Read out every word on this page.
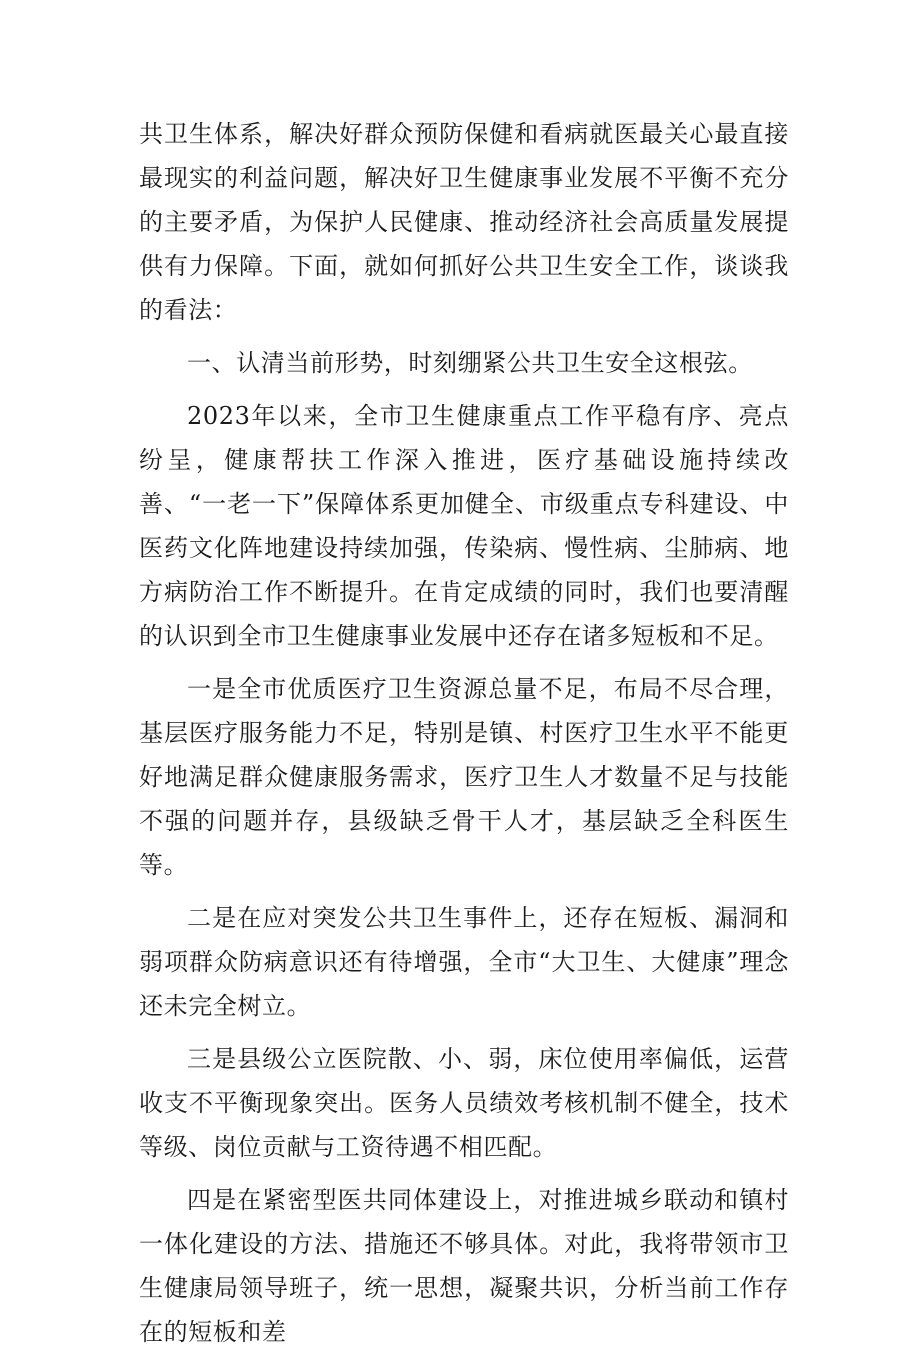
共卫生体系，解决好群众预防保健和看病就医最关心最直接最现实的利益问题，解决好卫生健康事业发展不平衡不充分的主要矛盾，为保护人民健康、推动经济社会高质量发展提供有力保障。下面，就如何抓好公共卫生安全工作，谈谈我的看法：

一、认清当前形势，时刻绷紧公共卫生安全这根弦。

2023年以来，全市卫生健康重点工作平稳有序、亮点纷呈，健康帮扶工作深入推进，医疗基础设施持续改善、“一老一下”保障体系更加健全、市级重点专科建设、中医药文化阵地建设持续加强，传染病、慢性病、尘肺病、地方病防治工作不断提升。在肯定成绩的同时，我们也要清醒的认识到全市卫生健康事业发展中还存在诸多短板和不足。

一是全市优质医疗卫生资源总量不足，布局不尽合理，基层医疗服务能力不足，特别是镇、村医疗卫生水平不能更好地满足群众健康服务需求，医疗卫生人才数量不足与技能不强的问题并存，县级缺乏骨干人才，基层缺乏全科医生等。

二是在应对突发公共卫生事件上，还存在短板、漏洞和弱项群众防病意识还有待增强，全市“大卫生、大健康”理念还未完全树立。

三是县级公立医院散、小、弱，床位使用率偏低，运营收支不平衡现象突出。医务人员绩效考核机制不健全，技术等级、岗位贡献与工资待遇不相匹配。

四是在紧密型医共同体建设上，对推进城乡联动和镇村一体化建设的方法、措施还不够具体。对此，我将带领市卫生健康局领导班子，统一思想，凝聚共识，分析当前工作存在的短板和差
